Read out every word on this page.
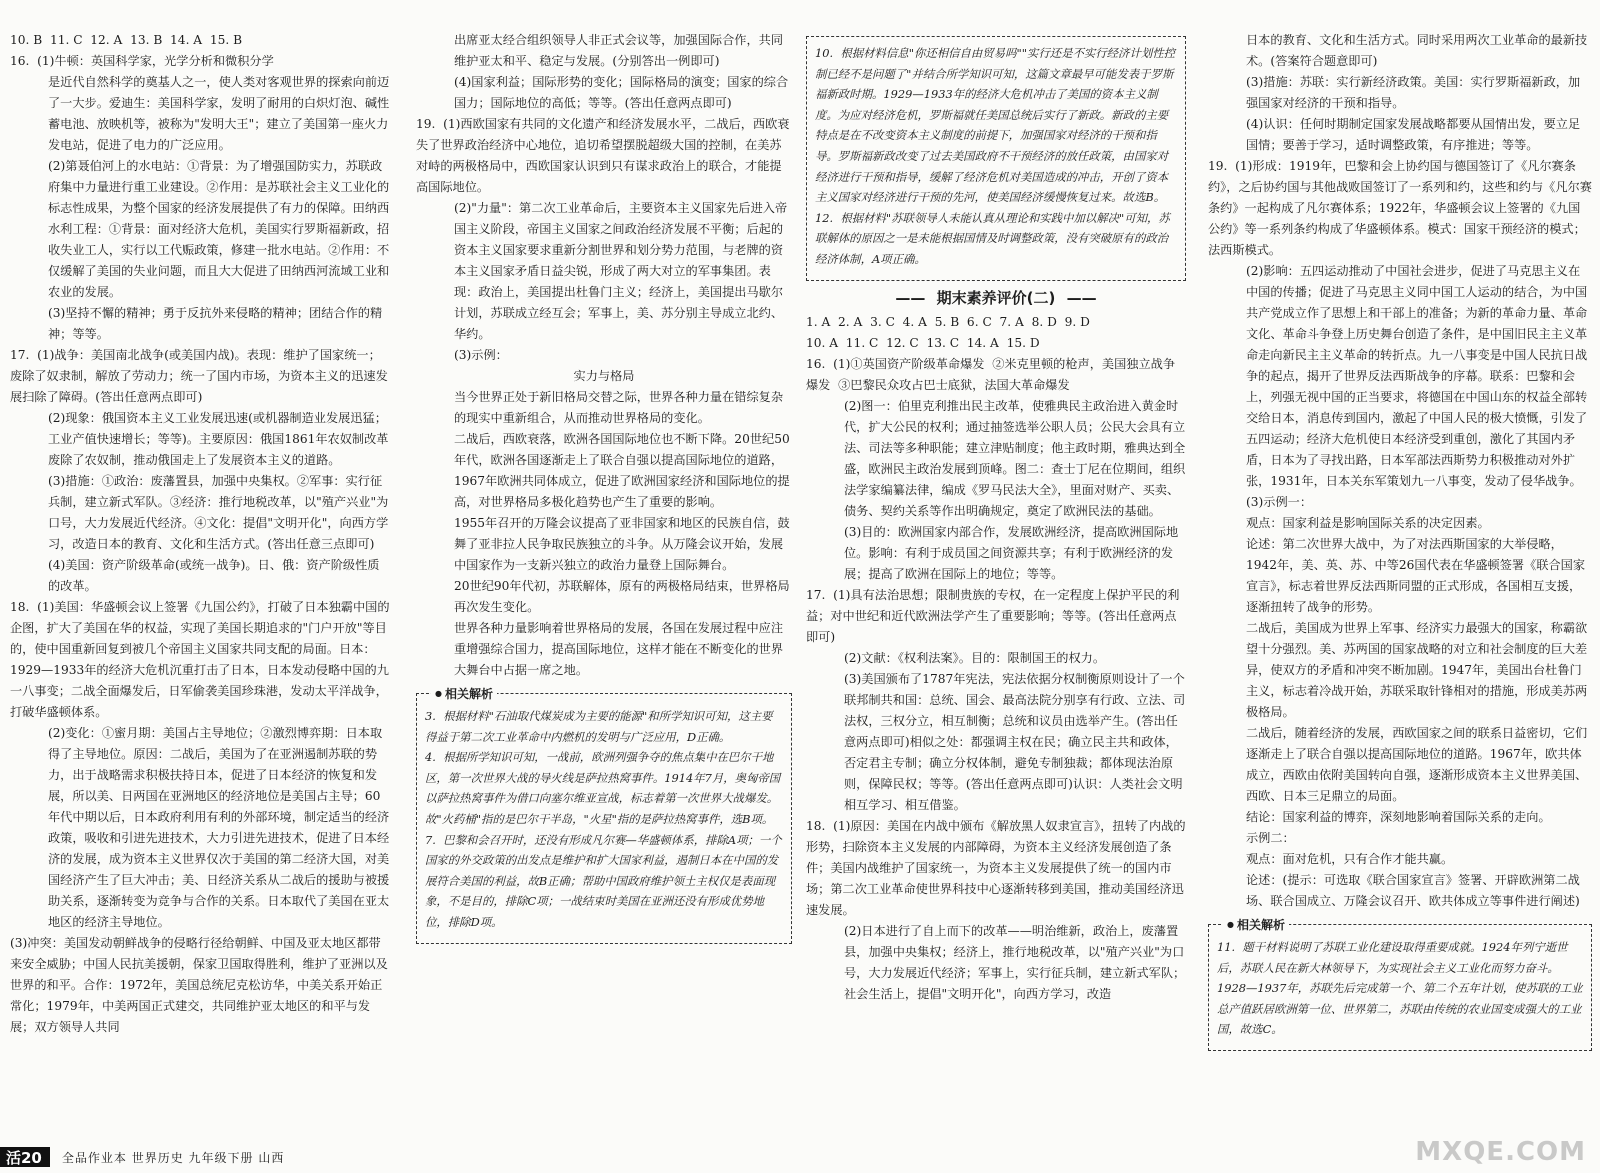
10. B  11. C  12. A  13. B  14. A  15. B

16.  (1)牛顿：英国科学家，光学分析和微积分学

是近代自然科学的奠基人之一，使人类对客观世界的探索向前迈了一大步。爱迪生：美国科学家，发明了耐用的白炽灯泡、碱性蓄电池、放映机等，被称为"发明大王"；建立了美国第一座火力发电站，促进了电力的广泛应用。

(2)第聂伯河上的水电站：①背景：为了增强国防实力，苏联政府集中力量进行重工业建设。②作用：是苏联社会主义工业化的标志性成果，为整个国家的经济发展提供了有力的保障。田纳西水利工程：①背景：面对经济大危机，美国实行罗斯福新政，招收失业工人，实行以工代赈政策，修建一批水电站。②作用：不仅缓解了美国的失业问题，而且大大促进了田纳西河流域工业和农业的发展。

(3)坚持不懈的精神；勇于反抗外来侵略的精神；团结合作的精神；等等。

17.  (1)战争：美国南北战争(或美国内战)。表现：维护了国家统一；废除了奴隶制，解放了劳动力；统一了国内市场，为资本主义的迅速发展扫除了障碍。(答出任意两点即可)

(2)现象：俄国资本主义工业发展迅速(或机器制造业发展迅猛；工业产值快速增长；等等)。主要原因：俄国1861年农奴制改革废除了农奴制，推动俄国走上了发展资本主义的道路。

(3)措施：①政治：废藩置县，加强中央集权。②军事：实行征兵制，建立新式军队。③经济：推行地税改革，以"殖产兴业"为口号，大力发展近代经济。④文化：提倡"文明开化"，向西方学习，改造日本的教育、文化和生活方式。(答出任意三点即可)

(4)美国：资产阶级革命(或统一战争)。日、俄：资产阶级性质的改革。

18.  (1)美国：华盛顿会议上签署《九国公约》，打破了日本独霸中国的企图，扩大了美国在华的权益，实现了美国长期追求的"门户开放"等目的，使中国重新回复到被几个帝国主义国家共同支配的局面。日本：1929—1933年的经济大危机沉重打击了日本，日本发动侵略中国的九一八事变；二战全面爆发后，日军偷袭美国珍珠港，发动太平洋战争，打破华盛顿体系。

(2)变化：①蜜月期：美国占主导地位；②激烈博弈期：日本取得了主导地位。原因：二战后，美国为了在亚洲遏制苏联的势力，出于战略需求积极扶持日本，促进了日本经济的恢复和发展，所以美、日两国在亚洲地区的经济地位是美国占主导；60年代中期以后，日本政府利用有利的外部环境，制定适当的经济政策，吸收和引进先进技术，大力引进先进技术，促进了日本经济的发展，成为资本主义世界仅次于美国的第二经济大国，对美国经济产生了巨大冲击；美、日经济关系从二战后的援助与被援助关系，逐渐转变为竞争与合作的关系。日本取代了美国在亚太地区的经济主导地位。

(3)冲突：美国发动朝鲜战争的侵略行径给朝鲜、中国及亚太地区都带来安全威胁；中国人民抗美援朝，保家卫国取得胜利，维护了亚洲以及世界的和平。合作：1972年，美国总统尼克松访华，中美关系开始正常化；1979年，中美两国正式建交，共同维护亚太地区的和平与发展；双方领导人共同

出席亚太经合组织领导人非正式会议等，加强国际合作，共同维护亚太和平、稳定与发展。(分别答出一例即可)

(4)国家利益；国际形势的变化；国际格局的演变；国家的综合国力；国际地位的高低；等等。(答出任意两点即可)

19.  (1)西欧国家有共同的文化遗产和经济发展水平，二战后，西欧衰失了世界政治经济中心地位，追切希望摆脱超级大国的控制，在美苏对峙的两极格局中，西欧国家认识到只有谋求政治上的联合，才能提高国际地位。

(2)"力量"：第二次工业革命后，主要资本主义国家先后进入帝国主义阶段，帝国主义国家之间政治经济发展不平衡；后起的资本主义国家要求重新分割世界和划分势力范围，与老牌的资本主义国家矛盾日益尖锐，形成了两大对立的军事集团。表现：政治上，美国提出杜鲁门主义；经济上，美国提出马歇尔计划，苏联成立经互会；军事上，美、苏分别主导成立北约、华约。

(3)示例：

实力与格局

当今世界正处于新旧格局交替之际，世界各种力量在错综复杂的现实中重新组合，从而推动世界格局的变化。

二战后，西欧衰落，欧洲各国国际地位也不断下降。20世纪50年代，欧洲各国逐渐走上了联合自强以提高国际地位的道路，1967年欧洲共同体成立，促进了欧洲国家经济和国际地位的提高，对世界格局多极化趋势也产生了重要的影响。

1955年召开的万隆会议提高了亚非国家和地区的民族自信，鼓舞了亚非拉人民争取民族独立的斗争。从万隆会议开始，发展中国家作为一支新兴独立的政治力量登上国际舞台。

20世纪90年代初，苏联解体，原有的两极格局结束，世界格局再次发生变化。

世界各种力量影响着世界格局的发展，各国在发展过程中应注重增强综合国力，提高国际地位，这样才能在不断变化的世界大舞台中占据一席之地。

● 相关解析

3.  根据材料"石油取代煤炭成为主要的能源"和所学知识可知，这主要得益于第二次工业革命中内燃机的发明与广泛应用，D正确。

4.  根据所学知识可知，一战前，欧洲列强争夺的焦点集中在巴尔干地区，第一次世界大战的导火线是萨拉热窝事件。1914年7月，奥匈帝国以萨拉热窝事件为借口向塞尔维亚宣战，标志着第一次世界大战爆发。故"火药桶"指的是巴尔干半岛，"火星"指的是萨拉热窝事件，选B项。

7.  巴黎和会召开时，还没有形成凡尔赛—华盛顿体系，排除A项；一个国家的外交政策的出发点是维护和扩大国家利益，遏制日本在中国的发展符合美国的利益，故B正确；帮助中国政府维护领土主权仅是表面现象，不是目的，排除C项；一战结束时美国在亚洲还没有形成优势地位，排除D项。

10.  根据材料信息"你还相信自由贸易吗""实行还是不实行经济计划性控制已经不是问题了"并结合所学知识可知，这篇文章最早可能发表于罗斯福新政时期。1929—1933年的经济大危机冲击了美国的资本主义制度。为应对经济危机，罗斯福就任美国总统后实行了新政。新政的主要特点是在不改变资本主义制度的前提下，加强国家对经济的干预和指导。罗斯福新政改变了过去美国政府不干预经济的放任政策，由国家对经济进行干预和指导，缓解了经济危机对美国造成的冲击，开创了资本主义国家对经济进行干预的先河，使美国经济缓慢恢复过来。故选B。

12.  根据材料"苏联领导人未能认真从理论和实践中加以解决"可知，苏联解体的原因之一是未能根据国情及时调整政策，没有突破原有的政治经济体制，A项正确。

—— 期末素养评价(二) ——

1. A  2. A  3. C  4. A  5. B  6. C  7. A  8. D  9. D

10. A  11. C  12. C  13. C  14. A  15. D

16.  (1)①英国资产阶级革命爆发  ②米克里顿的枪声，美国独立战争爆发  ③巴黎民众攻占巴士底狱，法国大革命爆发

(2)图一：伯里克利推出民主改革，使雅典民主政治进入黄金时代，扩大公民的权利；通过抽签选举公职人员；公民大会具有立法、司法等多种职能；建立津贴制度；他主政时期，雅典达到全盛，欧洲民主政治发展到顶峰。图二：查士丁尼在位期间，组织法学家编纂法律，编成《罗马民法大全》，里面对财产、买卖、债务、契约关系等作出明确规定，奠定了欧洲民法的基础。

(3)目的：欧洲国家内部合作，发展欧洲经济，提高欧洲国际地位。影响：有利于成员国之间资源共享；有利于欧洲经济的发展；提高了欧洲在国际上的地位；等等。

17.  (1)具有法治思想；限制贵族的专权，在一定程度上保护平民的利益；对中世纪和近代欧洲法学产生了重要影响；等等。(答出任意两点即可)

(2)文献：《权利法案》。目的：限制国王的权力。

(3)美国颁布了1787年宪法，宪法依据分权制衡原则设计了一个联邦制共和国：总统、国会、最高法院分别享有行政、立法、司法权，三权分立，相互制衡；总统和议员由选举产生。(答出任意两点即可)相似之处：都强调主权在民；确立民主共和政体，否定君主专制；确立分权体制，避免专制独裁；都体现法治原则，保障民权；等等。(答出任意两点即可)认识：人类社会文明相互学习、相互借鉴。

18.  (1)原因：美国在内战中颁布《解放黑人奴隶宣言》，扭转了内战的形势，扫除资本主义发展的内部障碍，为资本主义经济发展创造了条件；美国内战维护了国家统一，为资本主义发展提供了统一的国内市场；第二次工业革命使世界科技中心逐渐转移到美国，推动美国经济迅速发展。

(2)日本进行了自上而下的改革——明治维新，政治上，废藩置县，加强中央集权；经济上，推行地税改革，以"殖产兴业"为口号，大力发展近代经济；军事上，实行征兵制，建立新式军队；社会生活上，提倡"文明开化"，向西方学习，改造

日本的教育、文化和生活方式。同时采用两次工业革命的最新技术。(答案符合题意即可)

(3)措施：苏联：实行新经济政策。美国：实行罗斯福新政，加强国家对经济的干预和指导。

(4)认识：任何时期制定国家发展战略都要从国情出发，要立足国情；要善于学习，适时调整政策，有序推进；等等。

19.  (1)形成：1919年，巴黎和会上协约国与德国签订了《凡尔赛条约》，之后协约国与其他战败国签订了一系列和约，这些和约与《凡尔赛条约》一起构成了凡尔赛体系；1922年，华盛顿会议上签署的《九国公约》等一系列条约构成了华盛顿体系。模式：国家干预经济的模式；法西斯模式。

(2)影响：五四运动推动了中国社会进步，促进了马克思主义在中国的传播；促进了马克思主义同中国工人运动的结合，为中国共产党成立作了思想上和干部上的准备；为新的革命力量、革命文化、革命斗争登上历史舞台创造了条件，是中国旧民主主义革命走向新民主主义革命的转折点。九一八事变是中国人民抗日战争的起点，揭开了世界反法西斯战争的序幕。联系：巴黎和会上，列强无视中国的正当要求，将德国在中国山东的权益全部转交给日本，消息传到国内，激起了中国人民的极大愤慨，引发了五四运动；经济大危机使日本经济受到重创，激化了其国内矛盾，日本为了寻找出路，日本军部法西斯势力积极推动对外扩张，1931年，日本关东军策划九一八事变，发动了侵华战争。

(3)示例一：

观点：国家利益是影响国际关系的决定因素。

论述：第二次世界大战中，为了对法西斯国家的大举侵略，1942年，美、英、苏、中等26国代表在华盛顿签署《联合国家宣言》，标志着世界反法西斯同盟的正式形成，各国相互支援，逐渐扭转了战争的形势。

二战后，美国成为世界上军事、经济实力最强大的国家，称霸欲望十分强烈。美、苏两国的国家战略的对立和社会制度的巨大差异，使双方的矛盾和冲突不断加剧。1947年，美国出台杜鲁门主义，标志着冷战开始，苏联采取针锋相对的措施，形成美苏两极格局。

二战后，随着经济的发展，西欧国家之间的联系日益密切，它们逐渐走上了联合自强以提高国际地位的道路。1967年，欧共体成立，西欧由依附美国转向自强，逐渐形成资本主义世界美国、西欧、日本三足鼎立的局面。

结论：国家利益的博弈，深刻地影响着国际关系的走向。

示例二：

观点：面对危机，只有合作才能共赢。

论述：(提示：可选取《联合国家宣言》签署、开辟欧洲第二战场、联合国成立、万隆会议召开、欧共体成立等事件进行阐述)

● 相关解析

11.  题干材料说明了苏联工业化建设取得重要成就。1924年列宁逝世后，苏联人民在新大林领导下，为实现社会主义工业化而努力奋斗。1928—1937年，苏联先后完成第一个、第二个五年计划，使苏联的工业总产值跃居欧洲第一位、世界第二，苏联由传统的农业国变成强大的工业国，故选C。

活20	全品作业本 世界历史 九年级下册 山西	MXQE.COM
